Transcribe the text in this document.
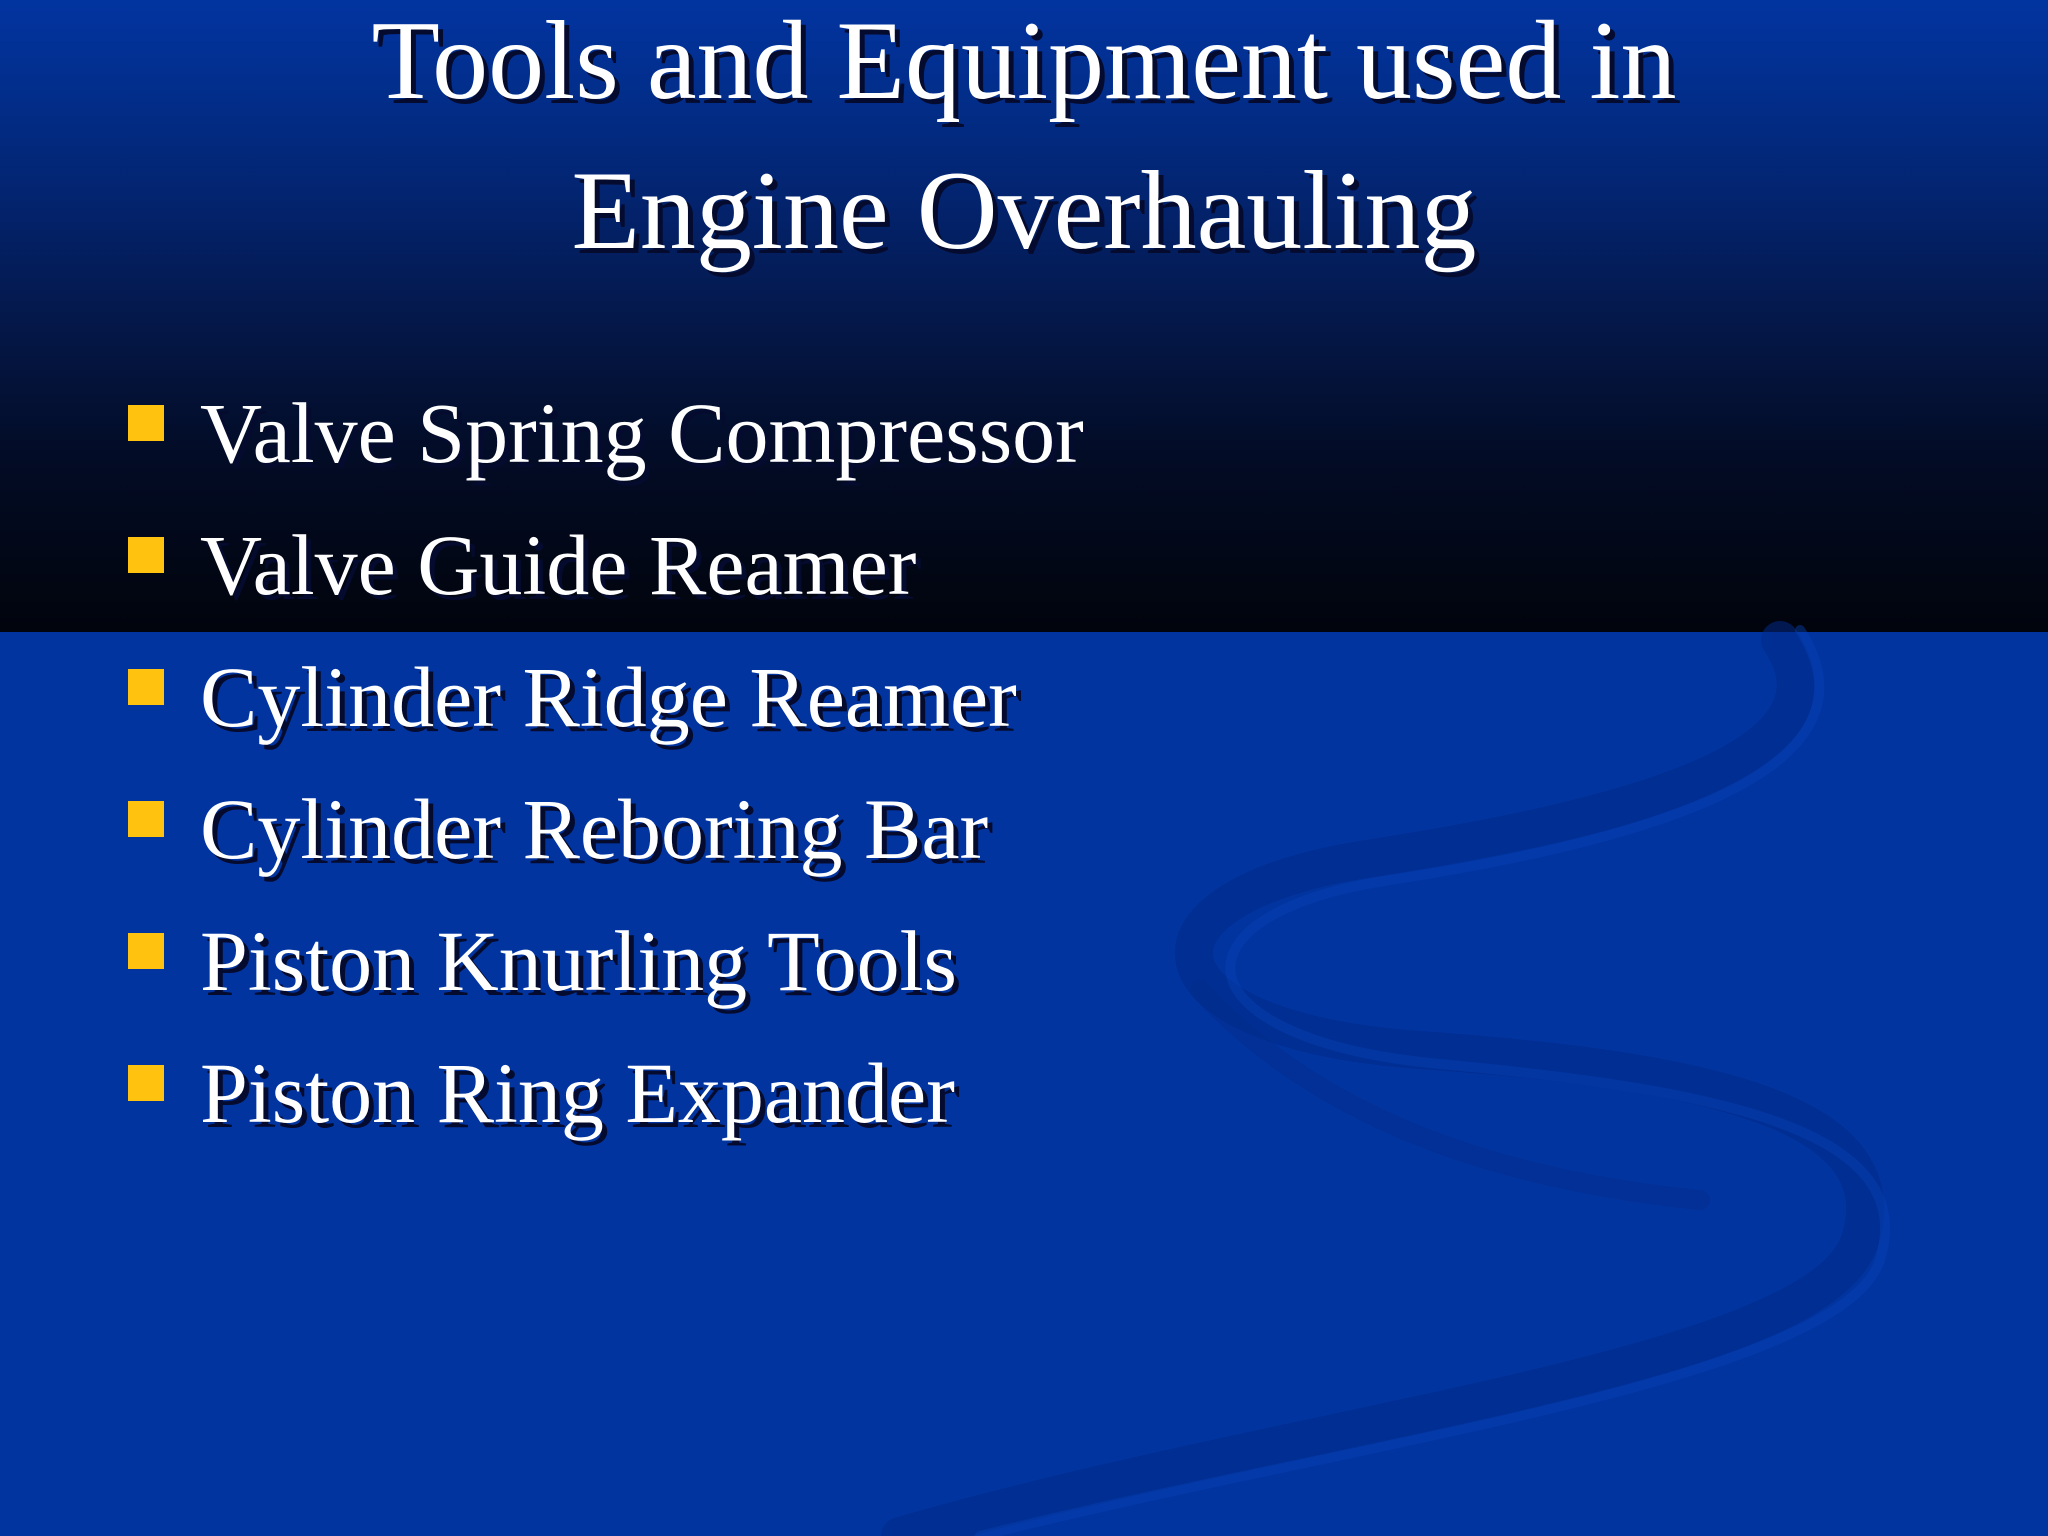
Tools and Equipment used in
Engine Overhauling
Valve Spring Compressor
Valve Guide Reamer
Cylinder Ridge Reamer
Cylinder Reboring Bar
Piston Knurling Tools
Piston Ring Expander
